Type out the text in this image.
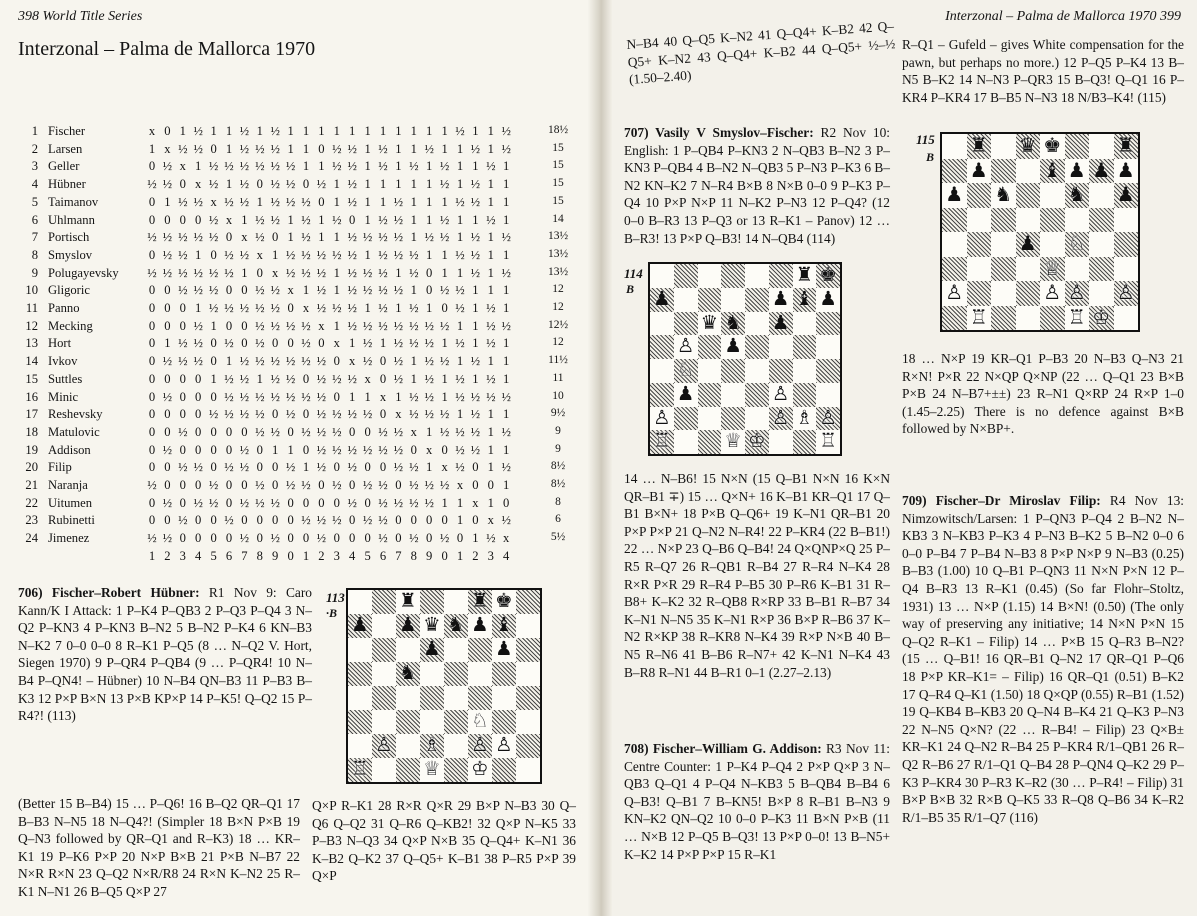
398 World Title Series
Interzonal – Palma de Mallorca 1970
1 Fischer	x 0 1 ½ 1 1 ½ 1 ½ 1 1 1 1 1 1 1 1 1 1 1 ½ 1 1 ½	18½
2 Larsen	1 x ½ ½ 0 1 ½ ½ ½ 1 1 0 ½ ½ 1 ½ 1 1 ½ 1 1 ½ 1 ½	15
3 Geller	0 ½ x 1 ½ ½ ½ ½ ½ ½ 1 1 ½ ½ 1 ½ 1 ½ 1 ½ 1 1 ½ 1	15
4 Hübner	½ ½ 0 x ½ 1 ½ 0 ½ ½ 0 ½ 1 ½ 1 1 1 1 1 ½ 1 ½ 1 1	15
5 Taimanov	0 1 ½ ½ x ½ ½ 1 ½ ½ ½ 0 1 ½ 1 1 ½ 1 1 1 ½ ½ 1 1	15
6 Uhlmann	0 0 0 0 ½ x 1 ½ ½ 1 ½ 1 ½ 0 1 ½ ½ 1 1 ½ 1 1 ½ 1	14
7 Portisch	½ ½ ½ ½ ½ 0 x ½ 0 1 ½ 1 1 ½ ½ ½ ½ 1 ½ ½ 1 ½ 1 ½	13½
8 Smyslov	0 ½ ½ 1 0 ½ ½ x 1 ½ ½ ½ ½ ½ 1 ½ ½ ½ 1 1 ½ ½ 1 1	13½
9 Polugayevsky ½ ½ ½ ½ ½ ½ 1 0 x ½ ½ ½ 1 ½ ½ ½ 1 ½ 0 1 1 ½ 1 ½	13½
10 Gligoric	0 0 ½ ½ ½ 0 0 ½ ½ x 1 ½ 1 ½ ½ ½ ½ 1 0 ½ ½ 1 1 1	12
11 Panno	0 0 0 1 ½ ½ ½ ½ ½ 0 x ½ ½ ½ 1 ½ 1 ½ 1 0 ½ 1 ½ 1	12
12 Mecking	0 0 0 ½ 1 0 0 ½ ½ ½ ½ x 1 ½ ½ ½ ½ ½ ½ ½ 1 1 ½ ½	12½
13 Hort	0 1 ½ ½ 0 ½ 0 ½ 0 0 ½ 0 x 1 ½ 1 ½ ½ ½ 1 ½ 1 ½ 1	12
14 Ivkov	0 ½ ½ ½ 0 1 ½ ½ ½ ½ ½ ½ 0 x ½ 0 ½ 1 ½ ½ 1 ½ 1 1	11½
15 Suttles	0 0 0 0 1 ½ ½ 1 ½ ½ 0 ½ ½ ½ x 0 ½ 1 ½ 1 ½ 1 ½ 1	11
16 Minic	0 ½ 0 0 0 ½ ½ ½ ½ ½ ½ ½ 0 1 1 x 1 ½ ½ 1 ½ ½ ½ ½	10
17 Reshevsky	0 0 0 0 ½ ½ ½ ½ 0 ½ 0 ½ ½ ½ ½ 0 x ½ ½ ½ 1 ½ 1 1	9½
18 Matulovic	0 0 ½ 0 0 0 0 ½ ½ 0 ½ ½ ½ 0 0 ½ ½ x 1 ½ ½ ½ 1 ½	9
19 Addison	0 ½ 0 0 0 0 ½ 0 1 1 0 ½ ½ ½ ½ ½ ½ 0 x 0 ½ ½ 1 1	9
20 Filip	0 0 ½ ½ 0 ½ ½ 0 0 ½ 1 ½ 0 ½ 0 0 ½ ½ 1 x ½ 0 1 ½	8½
21 Naranja	½ 0 0 0 ½ 0 0 ½ 0 ½ ½ 0 ½ 0 ½ ½ 0 ½ ½ ½ x 0 0 1	8½
22 Uitumen	0 ½ 0 ½ ½ 0 ½ ½ ½ 0 0 0 0 ½ 0 ½ ½ ½ ½ 1 1 x 1 0	8
23 Rubinetti	0 0 ½ 0 0 ½ 0 0 0 0 ½ ½ ½ 0 ½ ½ 0 0 0 0 1 0 x ½	6
24 Jimenez	½ ½ 0 0 0 0 ½ 0 ½ 0 0 ½ 0 0 0 ½ 0 ½ 0 ½ 0 1 ½ x	5½
1 2 3 4 5 6 7 8 9 0 1 2 3 4 5 6 7 8 9 0 1 2 3 4

706) Fischer–Robert Hübner: R1 Nov 9: Caro Kann/K I Attack: 1 P–K4 P–QB3 2 P–Q3 P–Q4 3 N–Q2 P–KN3 4 P–KN3 B–N2 5 B–N2 P–K4 6 KN–B3 N–K2 7 0–0 0–0 8 R–K1 P–Q5 (8 … N–Q2 V. Hort, Siegen 1970) 9 P–QR4 P–QB4 (9 … P–QR4! 10 N–B4 P–QN4! – Hübner) 10 N–B4 QN–B3 11 P–B3 B–K3 12 P×P B×N 13 P×B KP×P 14 P–K5! Q–Q2 15 P–R4?! (113)

113
·B
♜	♜ ♚
♟ ♟ ♛ ♞ ♟ ♝
♟	♟
♞
♘
♙ ♗ ♙ ♙
♖	♕ ♔
(Better 15 B–B4) 15 … P–Q6! 16 B–Q2 QR–Q1 17 B–B3 N–N5 18 N–Q4?! (Simpler 18 B×N P×B 19 Q–N3 followed by QR–Q1 and R–K3) 18 … KR–K1 19 P–K6 P×P 20 N×P B×B 21 P×B N–B7 22 N×R R×N 23 Q–Q2 N×R/R8 24 R×N K–N2 25 R–K1 N–N1 26 B–Q5 Q×P 27
Q×P R–K1 28 R×R Q×R 29 B×P N–B3 30 Q–Q6 Q–Q2 31 Q–R6 Q–KB2! 32 Q×P N–K5 33 P–B3 N–Q3 34 Q×P N×B 35 Q–Q4+ K–N1 36 K–B2 Q–K2 37 Q–Q5+ K–B1 38 P–R5 P×P 39 Q×P
Interzonal – Palma de Mallorca 1970 399
N–B4 40 Q–Q5 K–N2 41 Q–Q4+ K–B2 42 Q–Q5+ K–N2 43 Q–Q4+ K–B2 44 Q–Q5+ ½–½ (1.50–2.40)

707) Vasily V Smyslov–Fischer: R2 Nov 10: English: 1 P–QB4 P–KN3 2 N–QB3 B–N2 3 P–KN3 P–QB4 4 B–N2 N–QB3 5 P–N3 P–K3 6 B–N2 KN–K2 7 N–R4 B×B 8 N×B 0–0 9 P–K3 P–Q4 10 P×P N×P 11 N–K2 P–N3 12 P–Q4? (12 0–0 B–R3 13 P–Q3 or 13 R–K1 – Panov) 12 … B–R3! 13 P×P Q–B3! 14 N–QB4 (114)

114
B
♜ ♚
♟	♟ ♝ ♟
♛ ♞ ♟
♙ ♟
♘
♟	♙
♙	♙ ♗ ♙
♖	♕ ♔	♖
14 … N–B6! 15 N×N (15 Q–B1 N×N 16 K×N QR–B1 ∓) 15 … Q×N+ 16 K–B1 KR–Q1 17 Q–B1 B×N+ 18 P×B Q–Q6+ 19 K–N1 QR–B1 20 P×P P×P 21 Q–N2 N–R4! 22 P–KR4 (22 B–B1!) 22 … N×P 23 Q–B6 Q–B4! 24 Q×QNP×Q 25 P–R5 R–Q7 26 R–QB1 R–B4 27 R–R4 N–K4 28 R×R P×R 29 R–R4 P–B5 30 P–R6 K–B1 31 R–B8+ K–K2 32 R–QB8 R×RP 33 B–B1 R–B7 34 K–N1 N–N5 35 K–N1 R×P 36 B×P R–B6 37 K–N2 R×KP 38 R–KR8 N–K4 39 R×P N×B 40 B–N5 R–N6 41 B–B6 R–N7+ 42 K–N1 N–K4 43 B–R8 R–N1 44 B–R1 0–1 (2.27–2.13)

708) Fischer–William G. Addison: R3 Nov 11: Centre Counter: 1 P–K4 P–Q4 2 P×P Q×P 3 N–QB3 Q–Q1 4 P–Q4 N–KB3 5 B–QB4 B–B4 6 Q–B3! Q–B1 7 B–KN5! B×P 8 R–B1 B–N3 9 KN–K2 QN–Q2 10 0–0 P–K3 11 B×N P×B (11 … N×B 12 P–Q5 B–Q3! 13 P×P 0–0! 13 B–N5+ K–K2 14 P×P P×P 15 R–K1

R–Q1 – Gufeld – gives White compensation for the pawn, but perhaps no more.) 12 P–Q5 P–K4 13 B–N5 B–K2 14 N–N3 P–QR3 15 B–Q3! Q–Q1 16 P–KR4 P–KR4 17 B–B5 N–N3 18 N/B3–K4! (115)
115
B ♜ ♛ ♚	♜
♟	♝ ♟ ♟ ♟
♟ ♞	♞ ♟
♟ ♘
♕
♙	♙ ♙ ♙
♖	♖ ♔
18 … N×P 19 KR–Q1 P–B3 20 N–B3 Q–N3 21 R×N! P×R 22 N×QP Q×NP (22 … Q–Q1 23 B×B P×B 24 N–B7+±±) 23 R–N1 Q×RP 24 R×P 1–0 (1.45–2.25) There is no defence against B×B followed by N×BP+.

709) Fischer–Dr Miroslav Filip: R4 Nov 13: Nimzowitsch/Larsen: 1 P–QN3 P–Q4 2 B–N2 N–KB3 3 N–KB3 P–K3 4 P–N3 B–K2 5 B–N2 0–0 6 0–0 P–B4 7 P–B4 N–B3 8 P×P N×P 9 N–B3 (0.25) B–B3 (1.00) 10 Q–B1 P–QN3 11 N×N P×N 12 P–Q4 B–R3 13 R–K1 (0.45) (So far Flohr–Stoltz, 1931) 13 … N×P (1.15) 14 B×N! (0.50) (The only way of preserving any initiative; 14 N×N P×N 15 Q–Q2 R–K1 – Filip) 14 … P×B 15 Q–R3 B–N2? (15 … Q–B1! 16 QR–B1 Q–N2 17 QR–Q1 P–Q6 18 P×P KR–K1= – Filip) 16 QR–Q1 (0.51) B–K2 17 Q–R4 Q–K1 (1.50) 18 Q×QP (0.55) R–B1 (1.52) 19 Q–KB4 B–KB3 20 Q–N4 B–K4 21 Q–K3 P–N3 22 N–N5 Q×N? (22 … R–B4! – Filip) 23 Q×B± KR–K1 24 Q–N2 R–B4 25 P–KR4 R/1–QB1 26 R–Q2 R–B6 27 R/1–Q1 Q–B4 28 P–QN4 Q–K2 29 P–K3 P–KR4 30 P–R3 K–R2 (30 … P–R4! – Filip) 31 B×P B×B 32 R×B Q–K5 33 R–Q8 Q–B6 34 K–R2 R/1–B5 35 R/1–Q7 (116)
